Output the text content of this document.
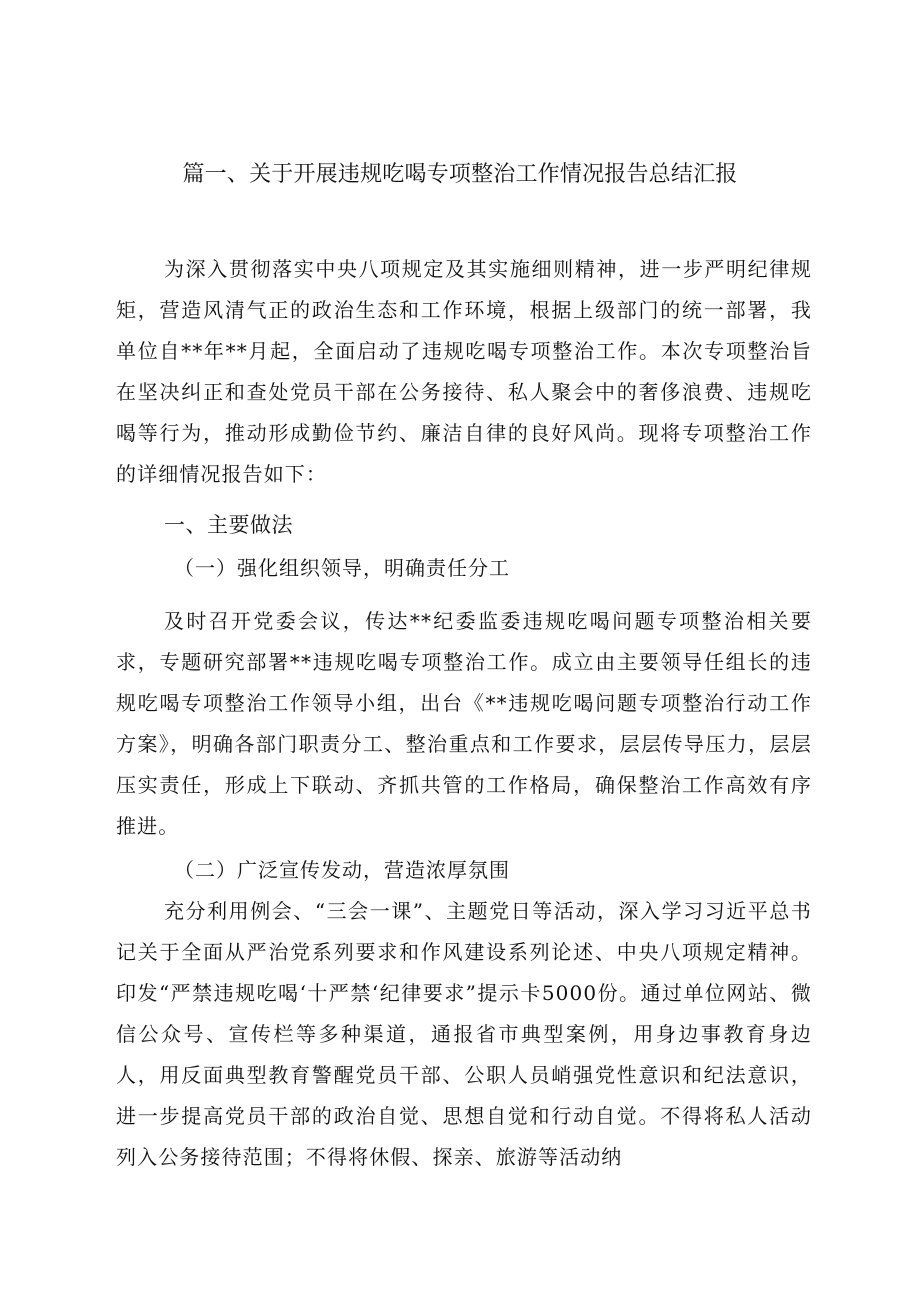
篇一、关于开展违规吃喝专项整治工作情况报告总结汇报
为深入贯彻落实中央八项规定及其实施细则精神，进一步严明纪律规矩，营造风清气正的政治生态和工作环境，根据上级部门的统一部署，我单位自**年**月起，全面启动了违规吃喝专项整治工作。本次专项整治旨在坚决纠正和查处党员干部在公务接待、私人聚会中的奢侈浪费、违规吃喝等行为，推动形成勤俭节约、廉洁自律的良好风尚。现将专项整治工作的详细情况报告如下：
一、主要做法
（一）强化组织领导，明确责任分工
及时召开党委会议，传达**纪委监委违规吃喝问题专项整治相关要求，专题研究部署**违规吃喝专项整治工作。成立由主要领导任组长的违规吃喝专项整治工作领导小组，出台《**违规吃喝问题专项整治行动工作方案》，明确各部门职责分工、整治重点和工作要求，层层传导压力，层层压实责任，形成上下联动、齐抓共管的工作格局，确保整治工作高效有序推进。
（二）广泛宣传发动，营造浓厚氛围
充分利用例会、“三会一课”、主题党日等活动，深入学习习近平总书记关于全面从严治党系列要求和作风建设系列论述、中央八项规定精神。印发“严禁违规吃喝‘十严禁‘纪律要求”提示卡5000份。通过单位网站、微信公众号、宣传栏等多种渠道，通报省市典型案例，用身边事教育身边人，用反面典型教育警醒党员干部、公职人员峭强党性意识和纪法意识，进一步提高党员干部的政治自觉、思想自觉和行动自觉。不得将私人活动列入公务接待范围；不得将休假、探亲、旅游等活动纳
